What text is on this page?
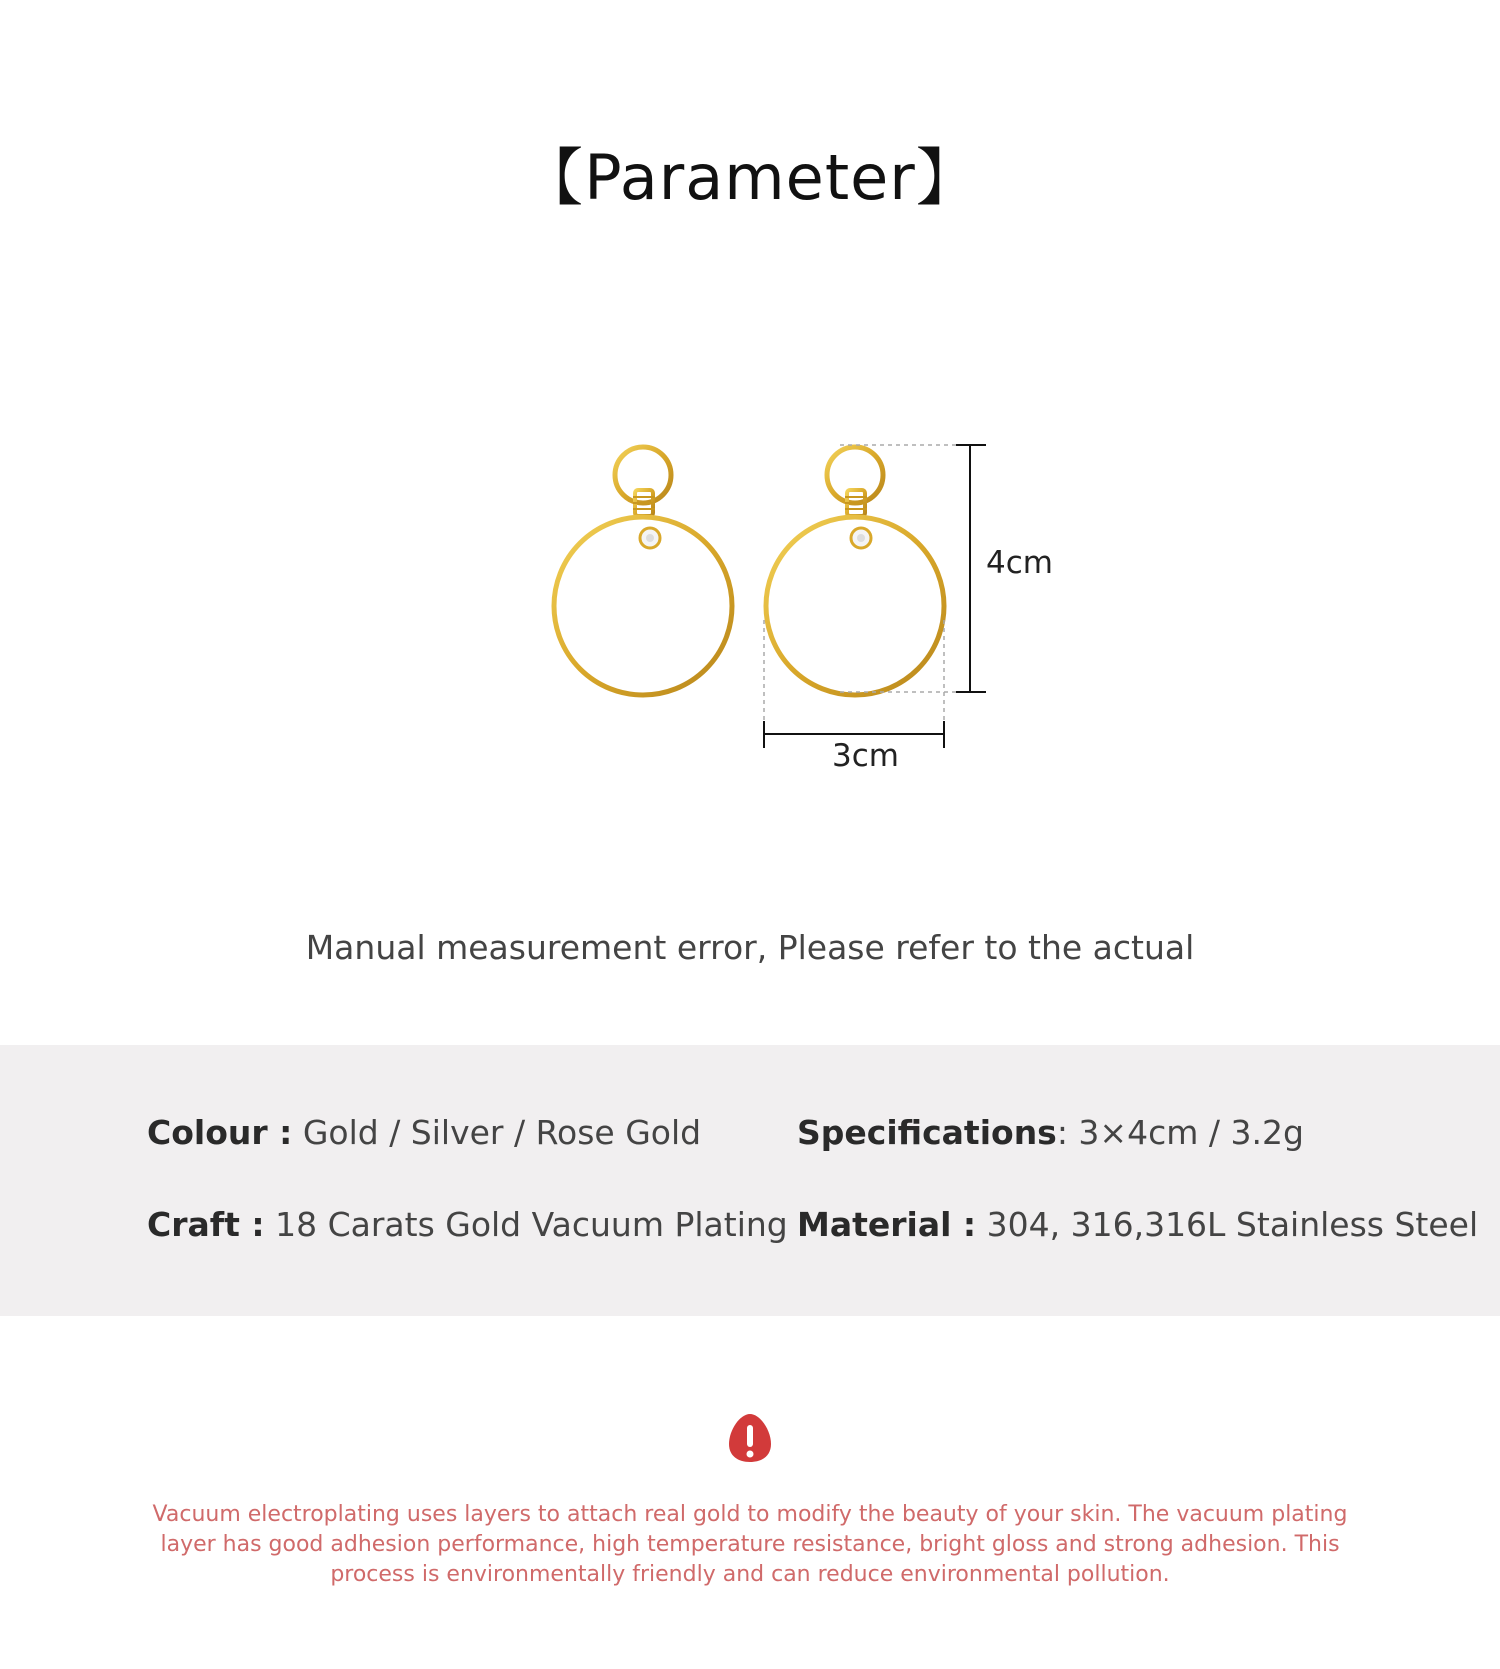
【Parameter】
4cm
3cm
Manual measurement error, Please refer to the actual
Colour : Gold / Silver / Rose Gold	Specifications: 3×4cm / 3.2g
Craft : 18 Carats Gold Vacuum Plating Material : 304, 316,316L Stainless Steel
Vacuum electroplating uses layers to attach real gold to modify the beauty of your skin. The vacuum plating layer has good adhesion performance, high temperature resistance, bright gloss and strong adhesion. This process is environmentally friendly and can reduce environmental pollution.
